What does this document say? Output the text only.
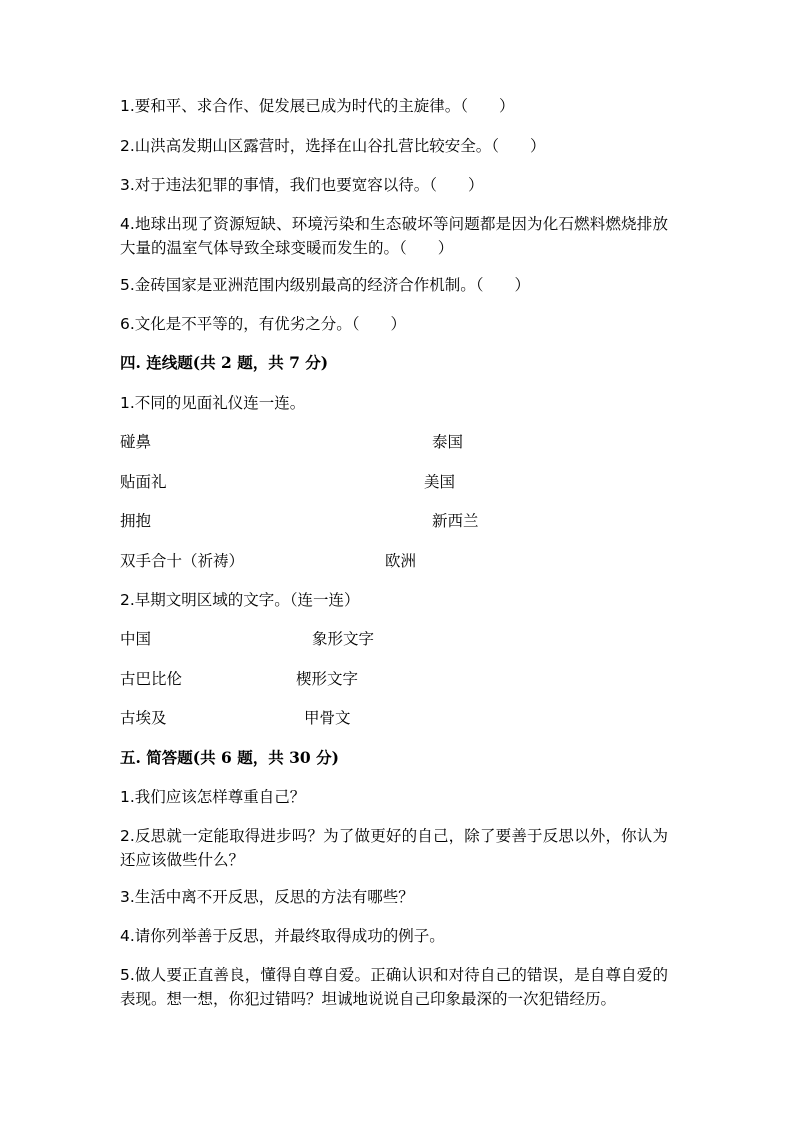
1.要和平、求合作、促发展已成为时代的主旋律。（　　）
2.山洪高发期山区露营时，选择在山谷扎营比较安全。（　　）
3.对于违法犯罪的事情，我们也要宽容以待。（　　）
4.地球出现了资源短缺、环境污染和生态破坏等问题都是因为化石燃料燃烧排放大量的温室气体导致全球变暖而发生的。（　　）
5.金砖国家是亚洲范围内级别最高的经济合作机制。（　　）
6.文化是不平等的，有优劣之分。（　　）
四. 连线题(共 2 题，共 7 分)
1.不同的见面礼仪连一连。
碰鼻	泰国
贴面礼	美国
拥抱	新西兰
双手合十（祈祷）	欧洲
2.早期文明区域的文字。（连一连）
中国	象形文字
古巴比伦	楔形文字
古埃及	甲骨文
五. 简答题(共 6 题，共 30 分)
1.我们应该怎样尊重自己？
2.反思就一定能取得进步吗？为了做更好的自己，除了要善于反思以外，你认为还应该做些什么？
3.生活中离不开反思，反思的方法有哪些？
4.请你列举善于反思，并最终取得成功的例子。
5.做人要正直善良，懂得自尊自爱。正确认识和对待自己的错误，是自尊自爱的表现。想一想，你犯过错吗？坦诚地说说自己印象最深的一次犯错经历。
